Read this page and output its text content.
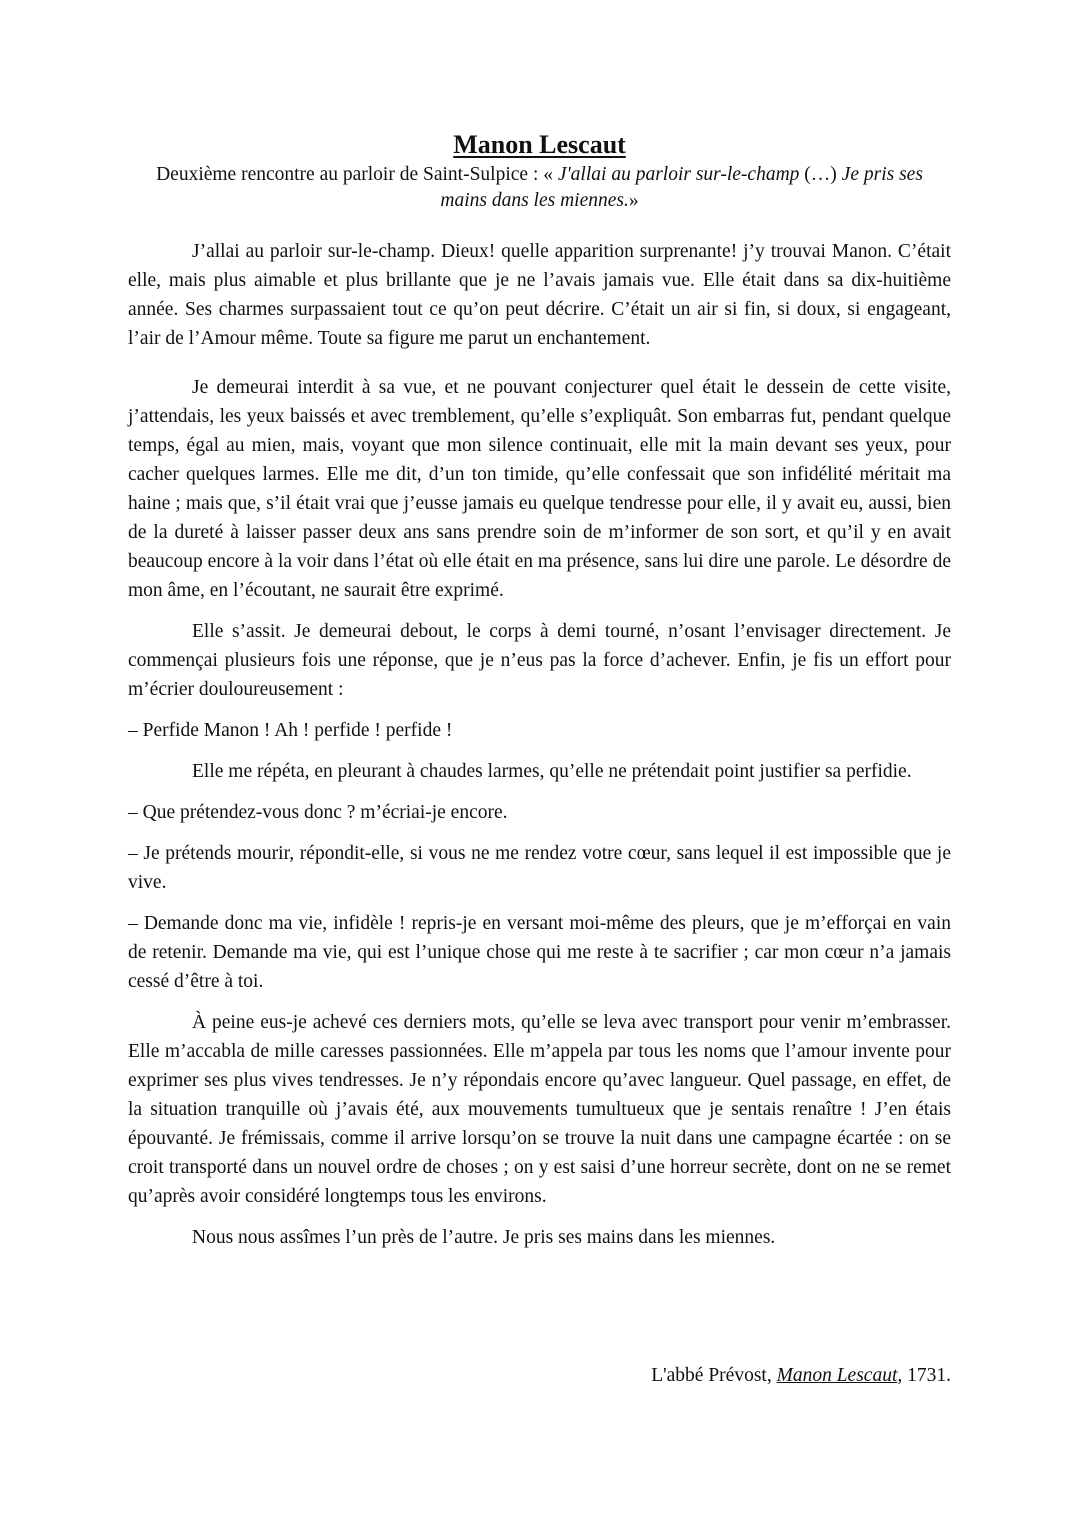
Manon Lescaut

Deuxième rencontre au parloir de Saint-Sulpice : « J'allai au parloir sur-le-champ (…) Je pris ses mains dans les miennes.»

J’allai au parloir sur-le-champ. Dieux! quelle apparition surprenante! j’y trouvai Manon. C’était elle, mais plus aimable et plus brillante que je ne l’avais jamais vue. Elle était dans sa dix-huitième année. Ses charmes surpassaient tout ce qu’on peut décrire. C’était un air si fin, si doux, si engageant, l’air de l’Amour même. Toute sa figure me parut un enchantement.

Je demeurai interdit à sa vue, et ne pouvant conjecturer quel était le dessein de cette visite, j’attendais, les yeux baissés et avec tremblement, qu’elle s’expliquât. Son embarras fut, pendant quelque temps, égal au mien, mais, voyant que mon silence continuait, elle mit la main devant ses yeux, pour cacher quelques larmes. Elle me dit, d’un ton timide, qu’elle confessait que son infidélité méritait ma haine ; mais que, s’il était vrai que j’eusse jamais eu quelque tendresse pour elle, il y avait eu, aussi, bien de la dureté à laisser passer deux ans sans prendre soin de m’informer de son sort, et qu’il y en avait beaucoup encore à la voir dans l’état où elle était en ma présence, sans lui dire une parole. Le désordre de mon âme, en l’écoutant, ne saurait être exprimé.

Elle s’assit. Je demeurai debout, le corps à demi tourné, n’osant l’envisager directement. Je commençai plusieurs fois une réponse, que je n’eus pas la force d’achever. Enfin, je fis un effort pour m’écrier douloureusement :

– Perfide Manon ! Ah ! perfide ! perfide !

Elle me répéta, en pleurant à chaudes larmes, qu’elle ne prétendait point justifier sa perfidie.

– Que prétendez-vous donc ? m’écriai-je encore.

– Je prétends mourir, répondit-elle, si vous ne me rendez votre cœur, sans lequel il est impossible que je vive.

– Demande donc ma vie, infidèle ! repris-je en versant moi-même des pleurs, que je m’efforçai en vain de retenir. Demande ma vie, qui est l’unique chose qui me reste à te sacrifier ; car mon cœur n’a jamais cessé d’être à toi.

À peine eus-je achevé ces derniers mots, qu’elle se leva avec transport pour venir m’embrasser. Elle m’accabla de mille caresses passionnées. Elle m’appela par tous les noms que l’amour invente pour exprimer ses plus vives tendresses. Je n’y répondais encore qu’avec langueur. Quel passage, en effet, de la situation tranquille où j’avais été, aux mouvements tumultueux que je sentais renaître ! J’en étais épouvanté. Je frémissais, comme il arrive lorsqu’on se trouve la nuit dans une campagne écartée : on se croit transporté dans un nouvel ordre de choses ; on y est saisi d’une horreur secrète, dont on ne se remet qu’après avoir considéré longtemps tous les environs.

Nous nous assîmes l’un près de l’autre. Je pris ses mains dans les miennes.

L'abbé Prévost, Manon Lescaut, 1731.
